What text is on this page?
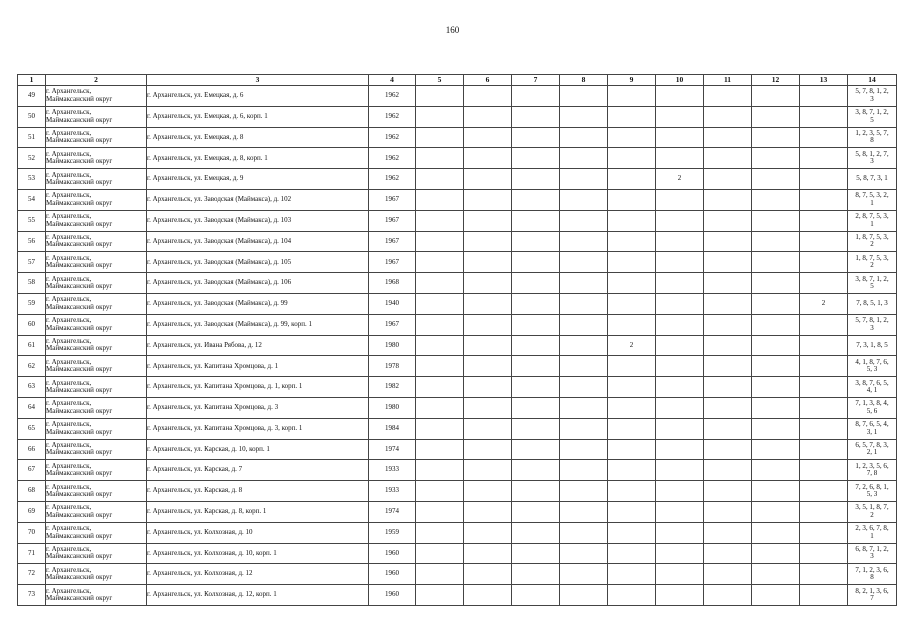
160
1	2	3	4	5	6	7	8	9	10	11	12	13	14
49	г. Архангельск,
Маймаксанский округ	г. Архангельск, ул. Емецкая, д. 6	1962										5, 7, 8, 1, 2,
3
50	г. Архангельск,
Маймаксанский округ	г. Архангельск, ул. Емецкая, д. 6, корп. 1	1962										3, 8, 7, 1, 2,
5
51	г. Архангельск,
Маймаксанский округ	г. Архангельск, ул. Емецкая, д. 8	1962										1, 2, 3, 5, 7,
8
52	г. Архангельск,
Маймаксанский округ	г. Архангельск, ул. Емецкая, д. 8, корп. 1	1962										5, 8, 1, 2, 7,
3
53	г. Архангельск,
Маймаксанский округ	г. Архангельск, ул. Емецкая, д. 9	1962						2				5, 8, 7, 3, 1
54	г. Архангельск,
Маймаксанский округ	г. Архангельск, ул. Заводская (Маймакса), д. 102	1967										8, 7, 5, 3, 2,
1
55	г. Архангельск,
Маймаксанский округ	г. Архангельск, ул. Заводская (Маймакса), д. 103	1967										2, 8, 7, 5, 3,
1
56	г. Архангельск,
Маймаксанский округ	г. Архангельск, ул. Заводская (Маймакса), д. 104	1967										1, 8, 7, 5, 3,
2
57	г. Архангельск,
Маймаксанский округ	г. Архангельск, ул. Заводская (Маймакса), д. 105	1967										1, 8, 7, 5, 3,
2
58	г. Архангельск,
Маймаксанский округ	г. Архангельск, ул. Заводская (Маймакса), д. 106	1968										3, 8, 7, 1, 2,
5
59	г. Архангельск,
Маймаксанский округ	г. Архангельск, ул. Заводская (Маймакса), д. 99	1940									2	7, 8, 5, 1, 3
60	г. Архангельск,
Маймаксанский округ	г. Архангельск, ул. Заводская (Маймакса), д. 99, корп. 1	1967										5, 7, 8, 1, 2,
3
61	г. Архангельск,
Маймаксанский округ	г. Архангельск, ул. Ивана Рябова, д. 12	1980					2					7, 3, 1, 8, 5
62	г. Архангельск,
Маймаксанский округ	г. Архангельск, ул. Капитана Хромцова, д. 1	1978										4, 1, 8, 7, 6,
5, 3
63	г. Архангельск,
Маймаксанский округ	г. Архангельск, ул. Капитана Хромцова, д. 1, корп. 1	1982										3, 8, 7, 6, 5,
4, 1
64	г. Архангельск,
Маймаксанский округ	г. Архангельск, ул. Капитана Хромцова, д. 3	1980										7, 1, 3, 8, 4,
5, 6
65	г. Архангельск,
Маймаксанский округ	г. Архангельск, ул. Капитана Хромцова, д. 3, корп. 1	1984										8, 7, 6, 5, 4,
3, 1
66	г. Архангельск,
Маймаксанский округ	г. Архангельск, ул. Карская, д. 10, корп. 1	1974										6, 5, 7, 8, 3,
2, 1
67	г. Архангельск,
Маймаксанский округ	г. Архангельск, ул. Карская, д. 7	1933										1, 2, 3, 5, 6,
7, 8
68	г. Архангельск,
Маймаксанский округ	г. Архангельск, ул. Карская, д. 8	1933										7, 2, 6, 8, 1,
5, 3
69	г. Архангельск,
Маймаксанский округ	г. Архангельск, ул. Карская, д. 8, корп. 1	1974										3, 5, 1, 8, 7,
2
70	г. Архангельск,
Маймаксанский округ	г. Архангельск, ул. Колхозная, д. 10	1959										2, 3, 6, 7, 8,
1
71	г. Архангельск,
Маймаксанский округ	г. Архангельск, ул. Колхозная, д. 10, корп. 1	1960										6, 8, 7, 1, 2,
3
72	г. Архангельск,
Маймаксанский округ	г. Архангельск, ул. Колхозная, д. 12	1960										7, 1, 2, 3, 6,
8
73	г. Архангельск,
Маймаксанский округ	г. Архангельск, ул. Колхозная, д. 12, корп. 1	1960										8, 2, 1, 3, 6,
7
